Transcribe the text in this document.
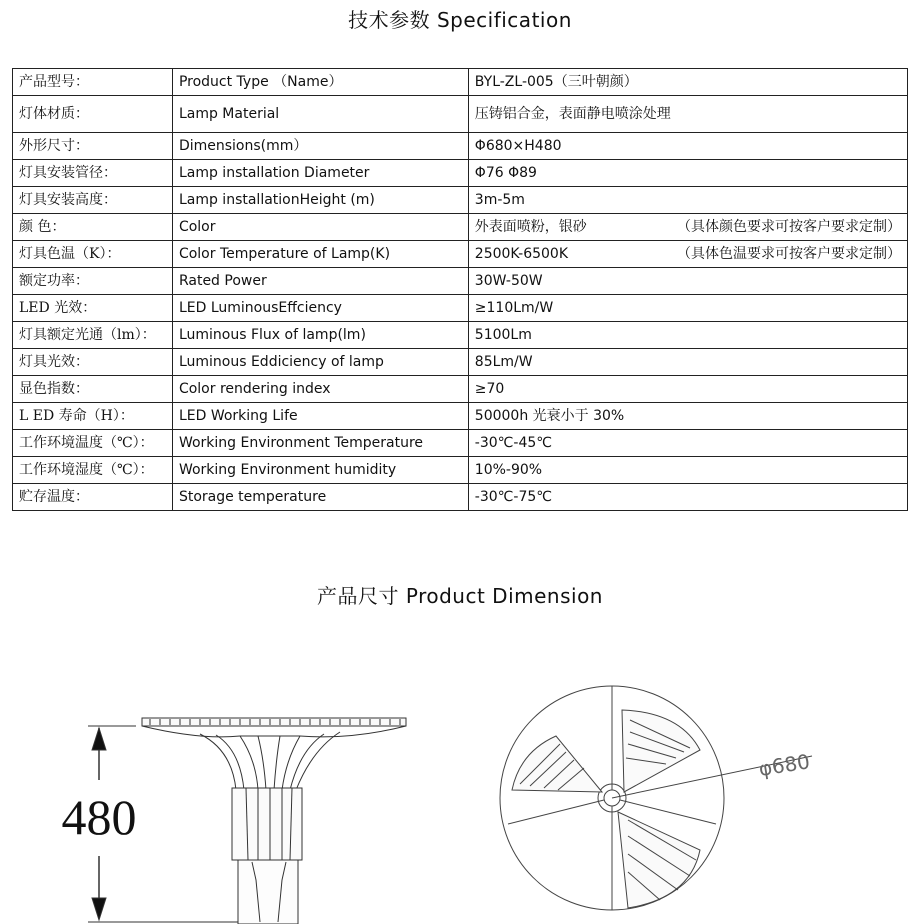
技术参数 Specification
产品型号：	Product Type （Name）	BYL-ZL-005（三叶朝颜）
灯体材质：	Lamp Material	压铸铝合金，表面静电喷涂处理
外形尺寸：	Dimensions(mm）	Φ680×H480
灯具安装管径：	Lamp installation Diameter	Φ76 Φ89
灯具安装高度：	Lamp installationHeight (m)	3m-5m
颜 色：	Color	外表面喷粉，银砂 （具体颜色要求可按客户要求定制）

灯具色温（K）：	Color Temperature of Lamp(K)	2500K-6500K （具体色温要求可按客户要求定制）

额定功率：	Rated Power	30W-50W
LED 光效：	LED LuminousEffciency	≥110Lm/W
灯具额定光通（lm）：	Luminous Flux of lamp(lm)	5100Lm
灯具光效：	Luminous Eddiciency of lamp	85Lm/W
显色指数：	Color rendering index	≥70
L ED 寿命（H）：	LED Working Life	50000h 光衰小于 30%
工作环境温度（℃）：	Working Environment Temperature	-30℃-45℃
工作环境湿度（℃）：	Working Environment humidity	10%-90%
贮存温度：	Storage temperature	-30℃-75℃
产品尺寸 Product Dimension
480
φ680
